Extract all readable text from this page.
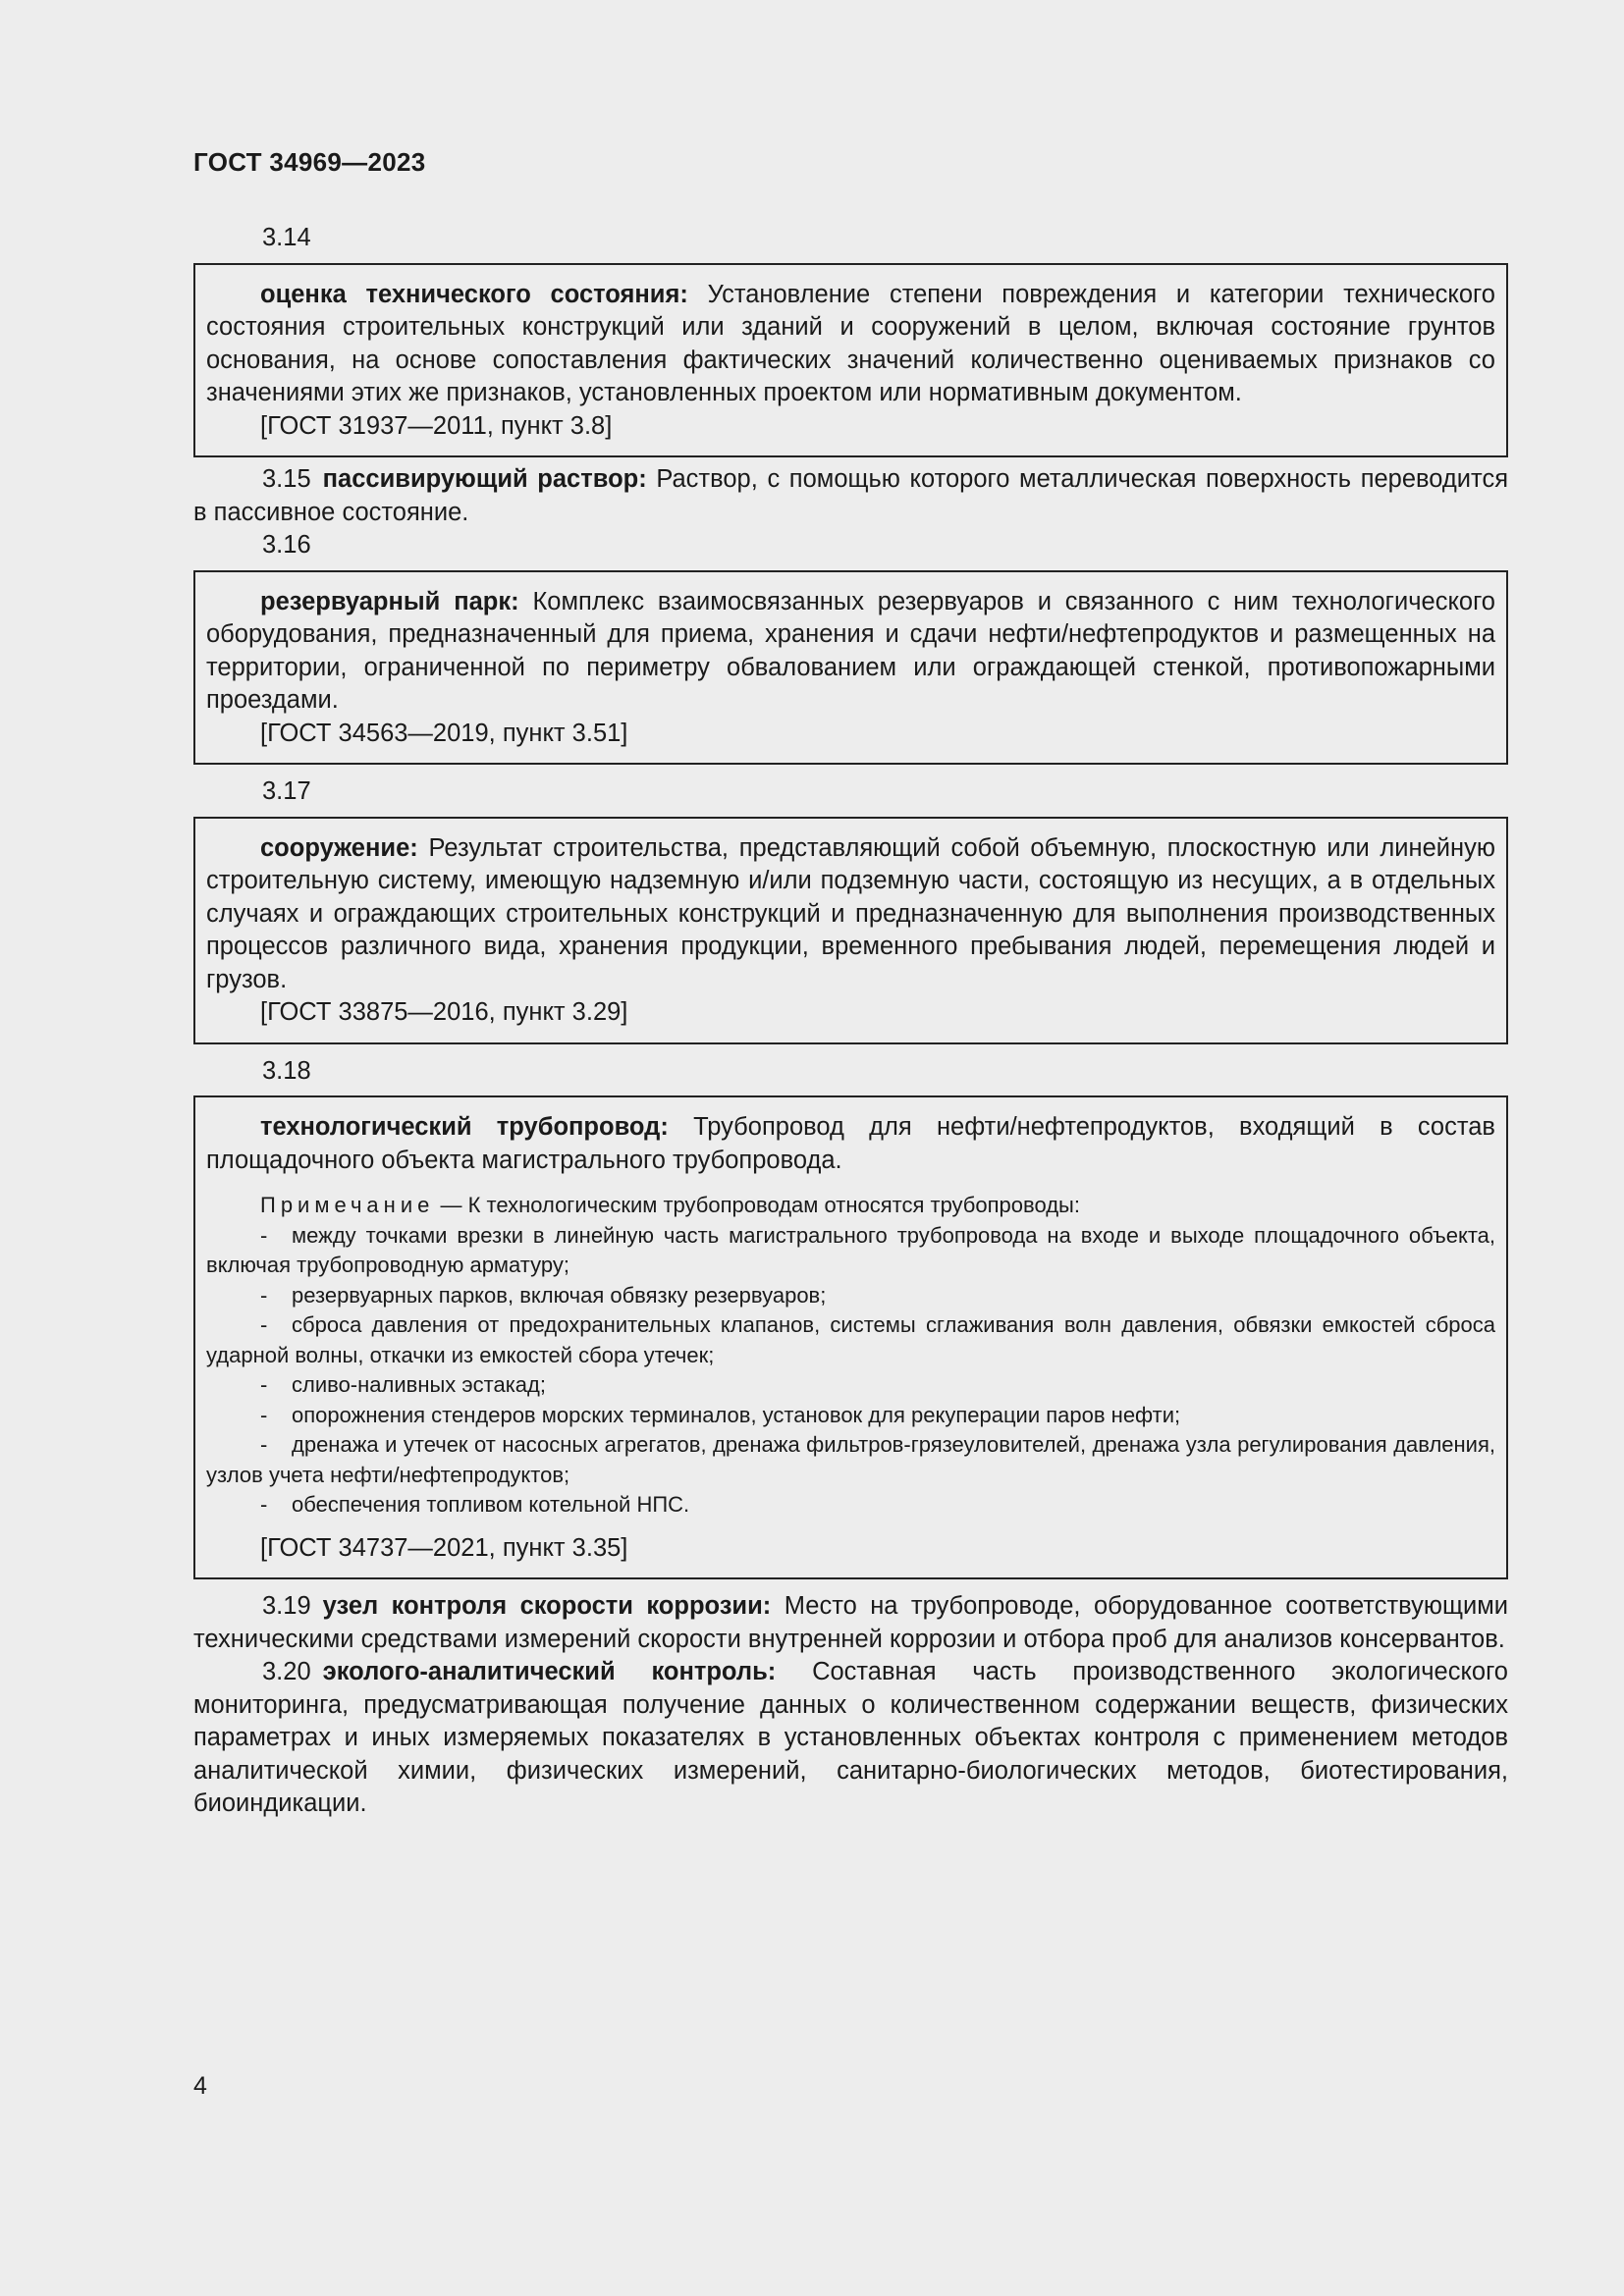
ГОСТ 34969—2023
3.14
оценка технического состояния: Установление степени повреждения и категории технического состояния строительных конструкций или зданий и сооружений в целом, включая состояние грунтов основания, на основе сопоставления фактических значений количественно оцениваемых признаков со значениями этих же признаков, установленных проектом или нормативным документом.
[ГОСТ 31937—2011, пункт 3.8]
3.15 пассивирующий раствор: Раствор, с помощью которого металлическая поверхность переводится в пассивное состояние.
3.16
резервуарный парк: Комплекс взаимосвязанных резервуаров и связанного с ним технологического оборудования, предназначенный для приема, хранения и сдачи нефти/нефтепродуктов и размещенных на территории, ограниченной по периметру обвалованием или ограждающей стенкой, противопожарными проездами.
[ГОСТ 34563—2019, пункт 3.51]
3.17
сооружение: Результат строительства, представляющий собой объемную, плоскостную или линейную строительную систему, имеющую надземную и/или подземную части, состоящую из несущих, а в отдельных случаях и ограждающих строительных конструкций и предназначенную для выполнения производственных процессов различного вида, хранения продукции, временного пребывания людей, перемещения людей и грузов.
[ГОСТ 33875—2016, пункт 3.29]
3.18
технологический трубопровод: Трубопровод для нефти/нефтепродуктов, входящий в состав площадочного объекта магистрального трубопровода.
Примечание — К технологическим трубопроводам относятся трубопроводы:
- между точками врезки в линейную часть магистрального трубопровода на входе и выходе площадочного объекта, включая трубопроводную арматуру;
- резервуарных парков, включая обвязку резервуаров;
- сброса давления от предохранительных клапанов, системы сглаживания волн давления, обвязки емкостей сброса ударной волны, откачки из емкостей сбора утечек;
- сливо-наливных эстакад;
- опорожнения стендеров морских терминалов, установок для рекуперации паров нефти;
- дренажа и утечек от насосных агрегатов, дренажа фильтров-грязеуловителей, дренажа узла регулирования давления, узлов учета нефти/нефтепродуктов;
- обеспечения топливом котельной НПС.
[ГОСТ 34737—2021, пункт 3.35]
3.19 узел контроля скорости коррозии: Место на трубопроводе, оборудованное соответствующими техническими средствами измерений скорости внутренней коррозии и отбора проб для анализов консервантов.
3.20 эколого-аналитический контроль: Составная часть производственного экологического мониторинга, предусматривающая получение данных о количественном содержании веществ, физических параметрах и иных измеряемых показателях в установленных объектах контроля с применением методов аналитической химии, физических измерений, санитарно-биологических методов, биотестирования, биоиндикации.
4
